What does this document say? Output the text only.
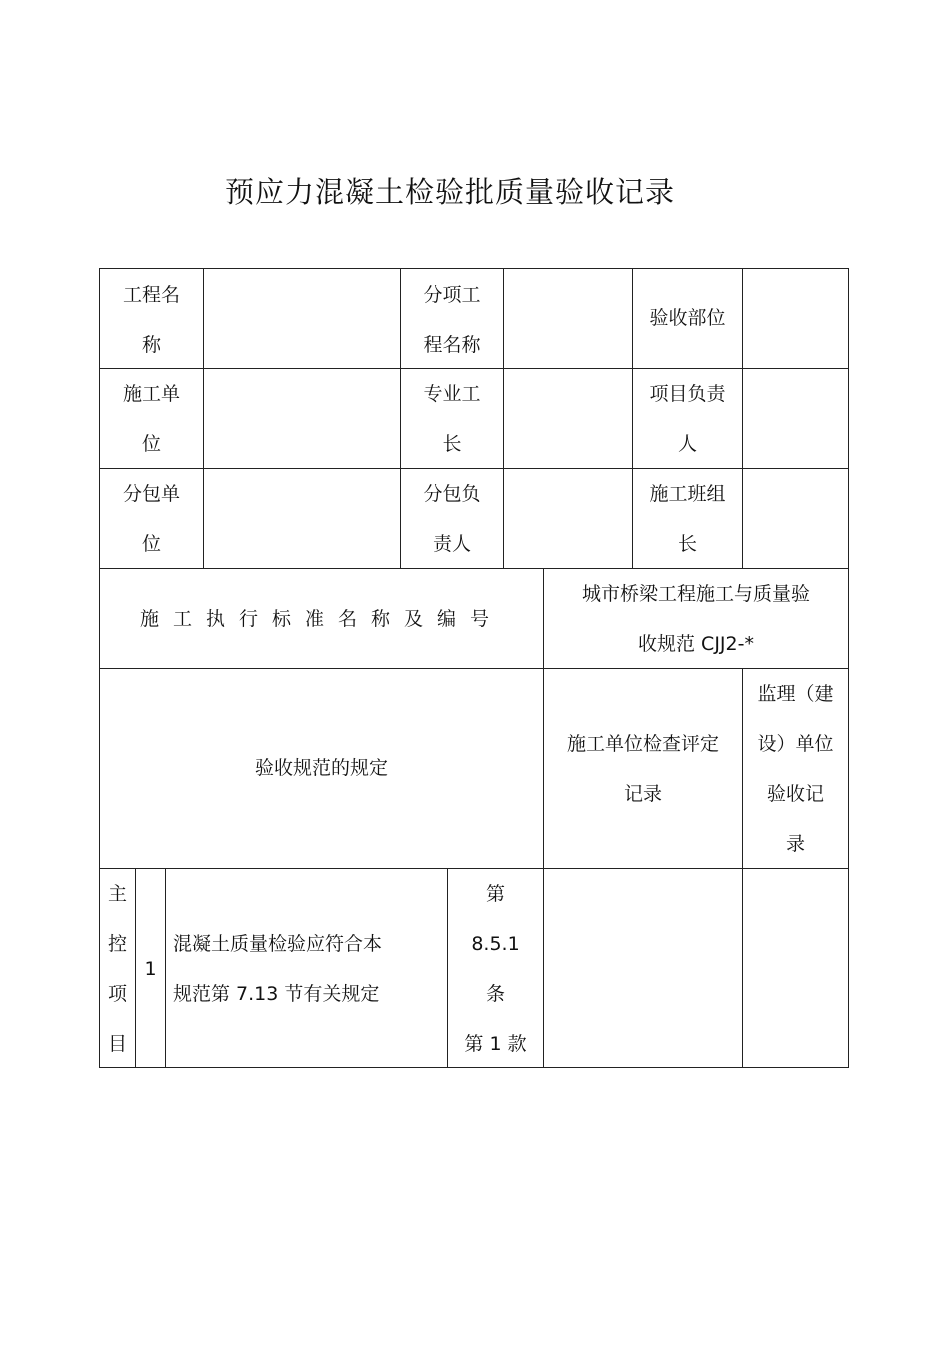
预应力混凝土检验批质量验收记录
工程名
称
分项工
程名称
验收部位
施工单
位
专业工
长
项目负责
人
分包单
位
分包负
责人
施工班组
长
施工执行标准名称及编号
城市桥梁工程施工与质量验
收规范 CJJ2-*
验收规范的规定
施工单位检查评定
记录
监理（建
设）单位
验收记
录
主
控
项
目
1
混凝土质量检验应符合本
规范第 7.13 节有关规定
第
8.5.1
条
第 1 款
